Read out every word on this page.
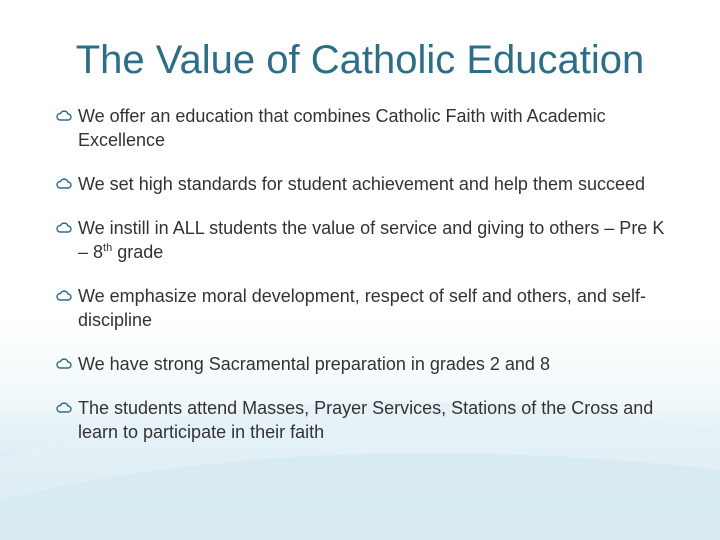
The Value of Catholic Education
We offer an education that combines Catholic Faith with Academic Excellence
We set high standards for student achievement and help them succeed
We instill in ALL students the value of service and giving to others – Pre K – 8th grade
We emphasize moral development, respect of self and others, and self-discipline
We have strong Sacramental preparation in grades 2 and 8
The students attend Masses, Prayer Services, Stations of the Cross and learn to participate in their faith
